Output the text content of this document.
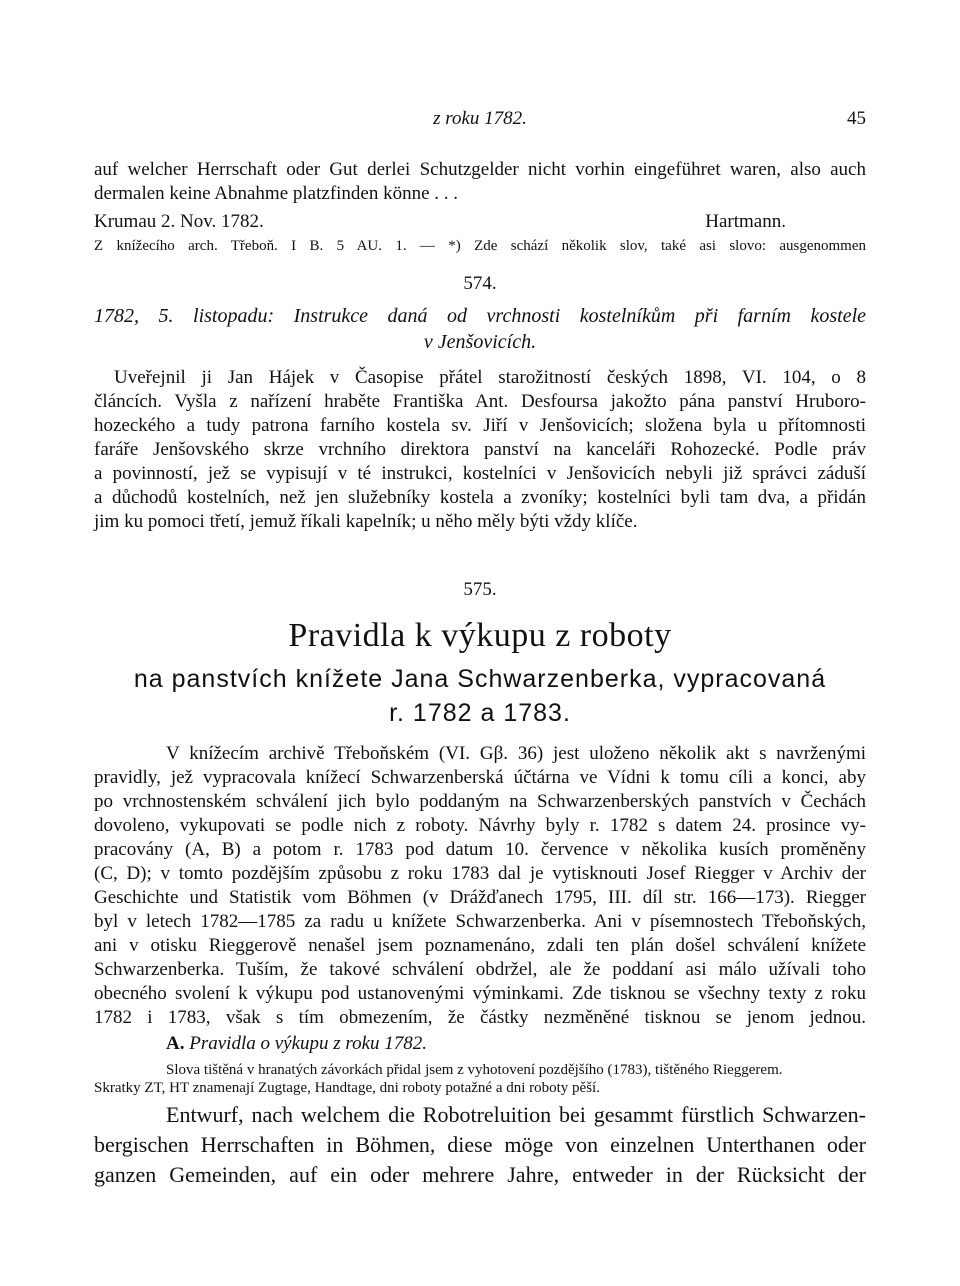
z roku 1782.	45
auf welcher Herrschaft oder Gut derlei Schutzgelder nicht vorhin eingeführet waren, also auch
dermalen keine Abnahme platzfinden könne . . .
Krumau 2. Nov. 1782.	Hartmann.
Z knížecího arch. Třeboň. I B. 5 AU. 1. — *) Zde schází několik slov, také asi slovo: ausgenommen
574.
1782, 5. listopadu: Instrukce daná od vrchnosti kostelníkům při farním kostele
v Jenšovicích.
Uveřejnil ji Jan Hájek v Časopise přátel starožitností českých 1898, VI. 104, o 8
článcích. Vyšla z nařízení hraběte Františka Ant. Desfoursa jakožto pána panství Hruboro-
hozeckého a tudy patrona farního kostela sv. Jiří v Jenšovicích; složena byla u přítomnosti
faráře Jenšovského skrze vrchního direktora panství na kanceláři Rohozecké. Podle práv
a povinností, jež se vypisují v té instrukci, kostelníci v Jenšovicích nebyli již správci záduší
a důchodů kostelních, než jen služebníky kostela a zvoníky; kostelníci byli tam dva, a přidán
jim ku pomoci třetí, jemuž říkali kapelník; u něho měly býti vždy klíče.
575.
Pravidla k výkupu z roboty
na panstvích knížete Jana Schwarzenberka, vypracovaná
r. 1782 a 1783.
V knížecím archivě Třeboňském (VI. Gβ. 36) jest uloženo několik akt s navrženými
pravidly, jež vypracovala knížecí Schwarzenberská účtárna ve Vídni k tomu cíli a konci, aby
po vrchnostenském schválení jich bylo poddaným na Schwarzenberských panstvích v Čechách
dovoleno, vykupovati se podle nich z roboty. Návrhy byly r. 1782 s datem 24. prosince vy-
pracovány (A, B) a potom r. 1783 pod datum 10. července v několika kusích proměněny
(C, D); v tomto pozdějším způsobu z roku 1783 dal je vytisknouti Josef Riegger v Archiv der
Geschichte und Statistik vom Böhmen (v Drážďanech 1795, III. díl str. 166—173). Riegger
byl v letech 1782—1785 za radu u knížete Schwarzenberka. Ani v písemnostech Třeboňských,
ani v otisku Rieggerově nenašel jsem poznamenáno, zdali ten plán došel schválení knížete
Schwarzenberka. Tuším, že takové schválení obdržel, ale že poddaní asi málo užívali toho
obecného svolení k výkupu pod ustanovenými výminkami. Zde tisknou se všechny texty z roku
1782 i 1783, však s tím obmezením, že částky nezměněné tisknou se jenom jednou.
A. Pravidla o výkupu z roku 1782.
Slova tištěná v hranatých závorkách přidal jsem z vyhotovení pozdějšího (1783), tištěného Rieggerem.
Skratky ZT, HT znamenají Zugtage, Handtage, dni roboty potažné a dni roboty pěší.
Entwurf, nach welchem die Robotreluition bei gesammt fürstlich Schwarzen-
bergischen Herrschaften in Böhmen, diese möge von einzelnen Unterthanen oder
ganzen Gemeinden, auf ein oder mehrere Jahre, entweder in der Rücksicht der
